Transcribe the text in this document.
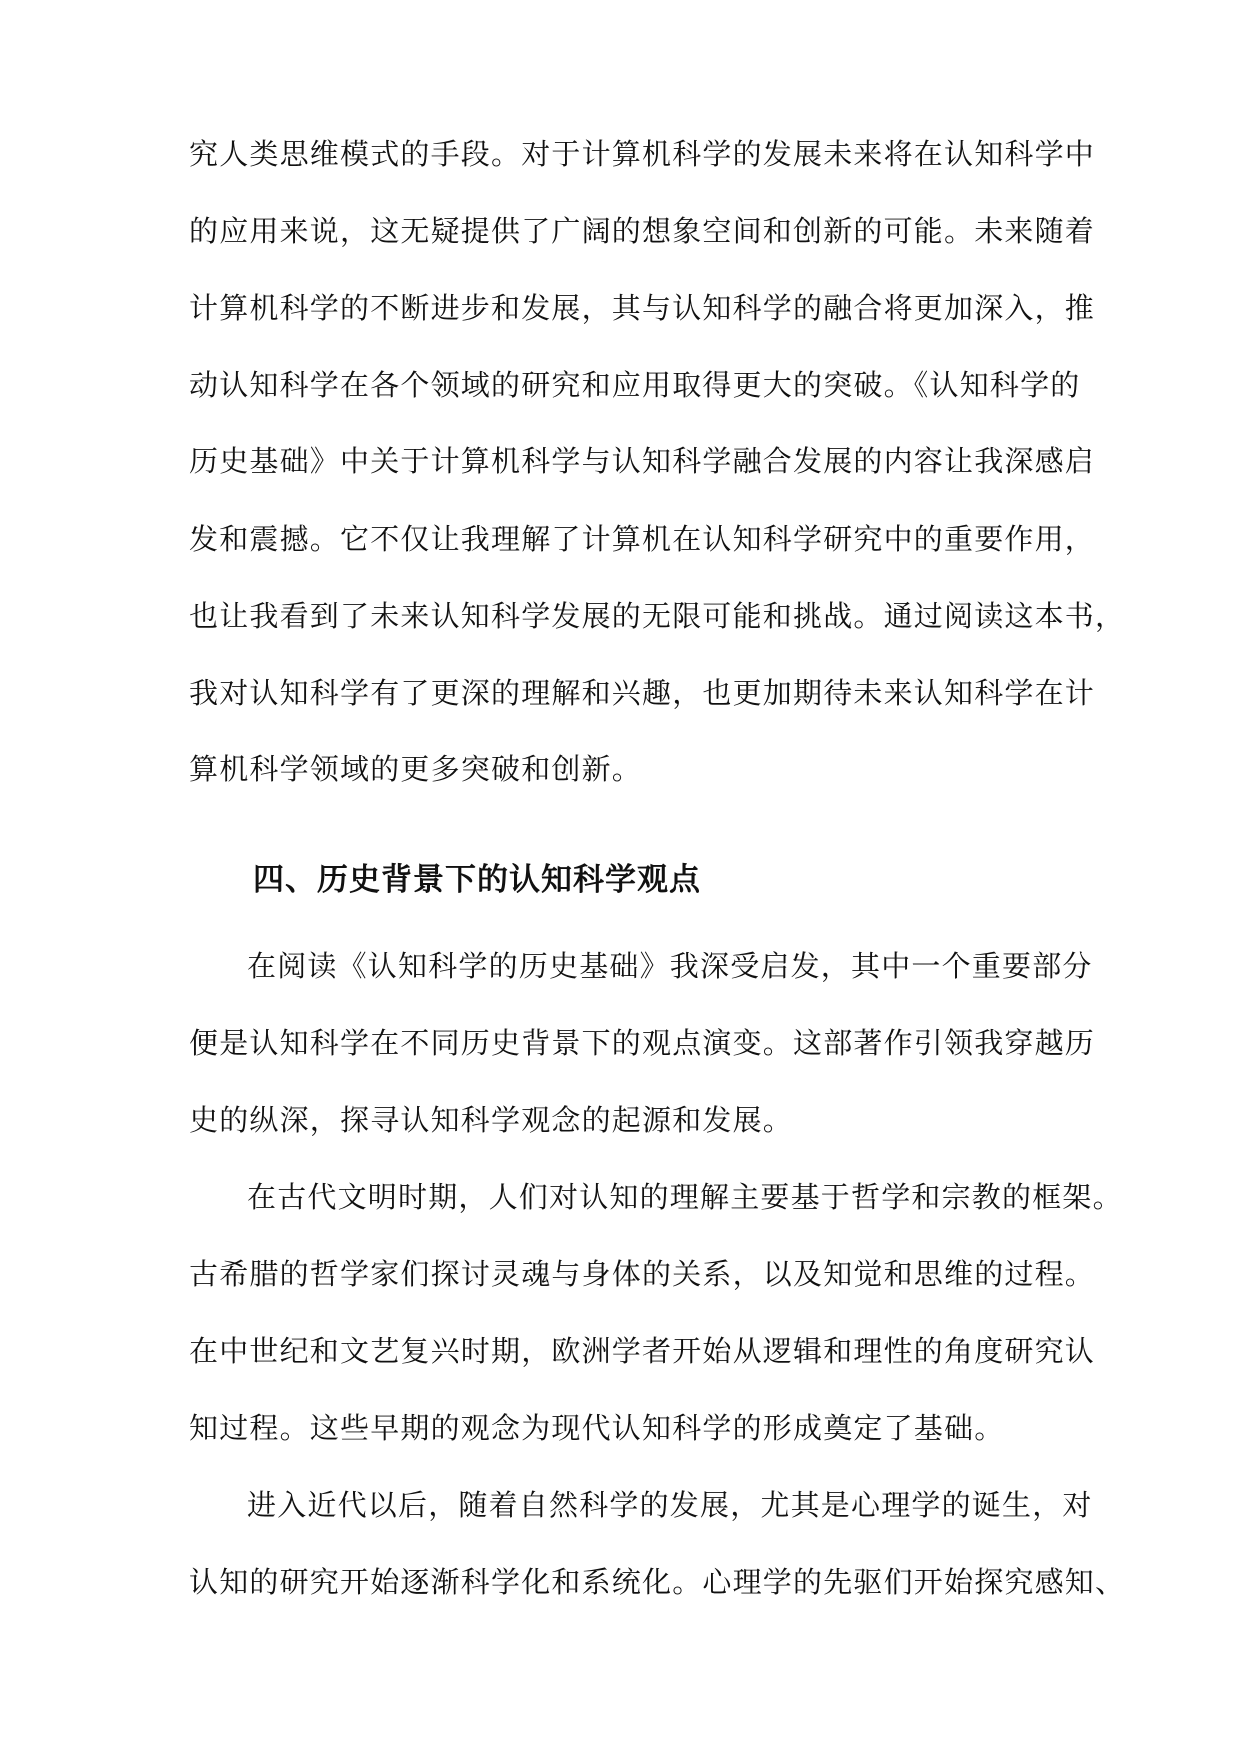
究人类思维模式的手段。对于计算机科学的发展未来将在认知科学中
的应用来说，这无疑提供了广阔的想象空间和创新的可能。未来随着
计算机科学的不断进步和发展，其与认知科学的融合将更加深入，推
动认知科学在各个领域的研究和应用取得更大的突破。《认知科学的
历史基础》中关于计算机科学与认知科学融合发展的内容让我深感启
发和震撼。它不仅让我理解了计算机在认知科学研究中的重要作用，
也让我看到了未来认知科学发展的无限可能和挑战。通过阅读这本书，
我对认知科学有了更深的理解和兴趣，也更加期待未来认知科学在计
算机科学领域的更多突破和创新。
四、历史背景下的认知科学观点
在阅读《认知科学的历史基础》我深受启发，其中一个重要部分
便是认知科学在不同历史背景下的观点演变。这部著作引领我穿越历
史的纵深，探寻认知科学观念的起源和发展。
在古代文明时期，人们对认知的理解主要基于哲学和宗教的框架。
古希腊的哲学家们探讨灵魂与身体的关系，以及知觉和思维的过程。
在中世纪和文艺复兴时期，欧洲学者开始从逻辑和理性的角度研究认
知过程。这些早期的观念为现代认知科学的形成奠定了基础。
进入近代以后，随着自然科学的发展，尤其是心理学的诞生，对
认知的研究开始逐渐科学化和系统化。心理学的先驱们开始探究感知、
